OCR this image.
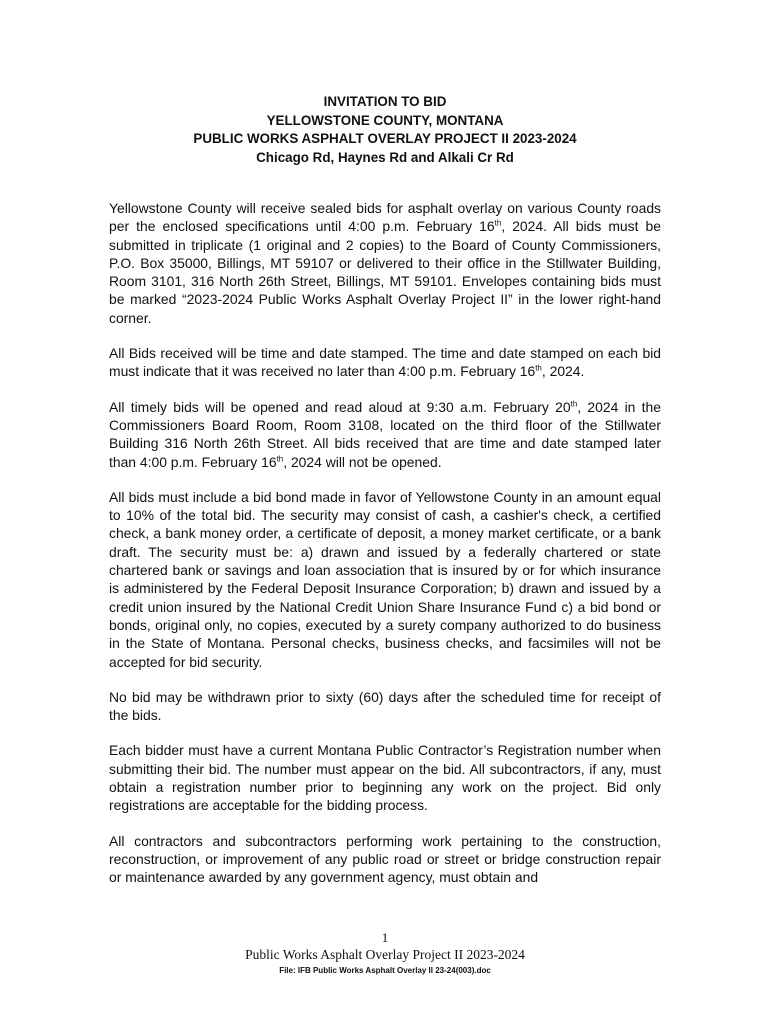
INVITATION TO BID
YELLOWSTONE COUNTY, MONTANA
PUBLIC WORKS ASPHALT OVERLAY PROJECT II 2023-2024
Chicago Rd, Haynes Rd and Alkali Cr Rd

Yellowstone County will receive sealed bids for asphalt overlay on various County roads per the enclosed specifications until 4:00 p.m. February 16th, 2024. All bids must be submitted in triplicate (1 original and 2 copies) to the Board of County Commissioners, P.O. Box 35000, Billings, MT 59107 or delivered to their office in the Stillwater Building, Room 3101, 316 North 26th Street, Billings, MT 59101. Envelopes containing bids must be marked “2023-2024 Public Works Asphalt Overlay Project II” in the lower right-hand corner.

All Bids received will be time and date stamped. The time and date stamped on each bid must indicate that it was received no later than 4:00 p.m. February 16th, 2024.

All timely bids will be opened and read aloud at 9:30 a.m. February 20th, 2024 in the Commissioners Board Room, Room 3108, located on the third floor of the Stillwater Building 316 North 26th Street. All bids received that are time and date stamped later than 4:00 p.m. February 16th, 2024 will not be opened.

All bids must include a bid bond made in favor of Yellowstone County in an amount equal to 10% of the total bid. The security may consist of cash, a cashier's check, a certified check, a bank money order, a certificate of deposit, a money market certificate, or a bank draft. The security must be: a) drawn and issued by a federally chartered or state chartered bank or savings and loan association that is insured by or for which insurance is administered by the Federal Deposit Insurance Corporation; b) drawn and issued by a credit union insured by the National Credit Union Share Insurance Fund c) a bid bond or bonds, original only, no copies, executed by a surety company authorized to do business in the State of Montana. Personal checks, business checks, and facsimiles will not be accepted for bid security.

No bid may be withdrawn prior to sixty (60) days after the scheduled time for receipt of the bids.

Each bidder must have a current Montana Public Contractor’s Registration number when submitting their bid. The number must appear on the bid. All subcontractors, if any, must obtain a registration number prior to beginning any work on the project. Bid only registrations are acceptable for the bidding process.

All contractors and subcontractors performing work pertaining to the construction, reconstruction, or improvement of any public road or street or bridge construction repair or maintenance awarded by any government agency, must obtain and

1
Public Works Asphalt Overlay Project II 2023-2024
File: IFB Public Works Asphalt Overlay II 23-24(003).doc
